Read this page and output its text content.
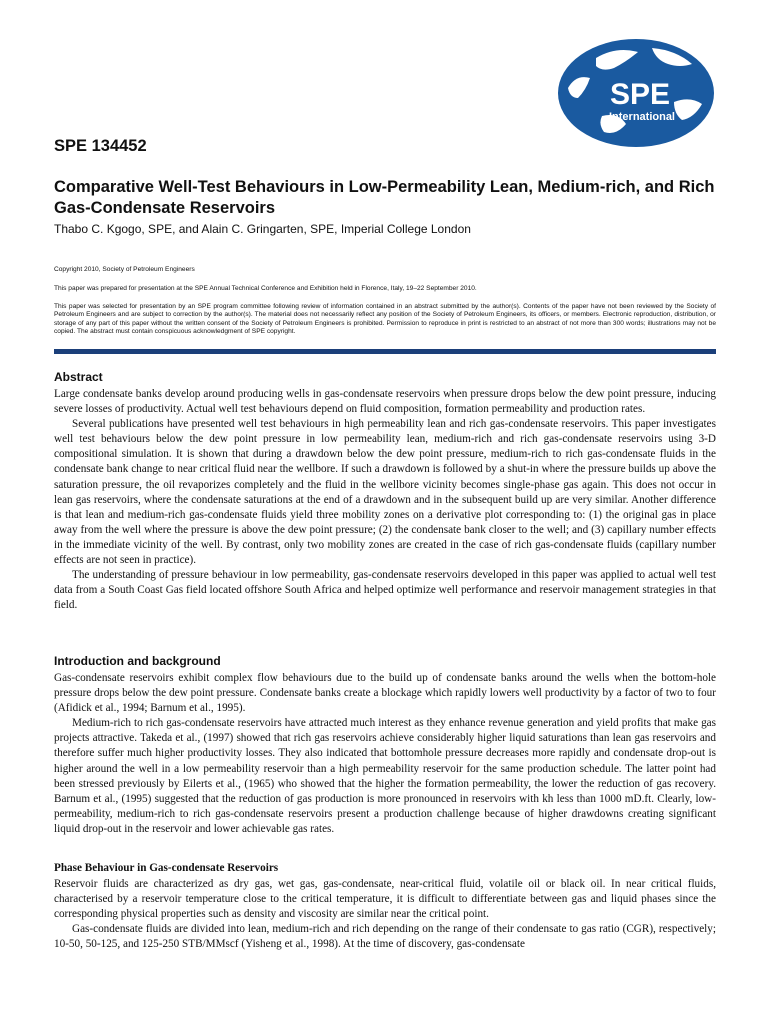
SPE
International
SPE 134452
Comparative Well-Test Behaviours in Low-Permeability Lean, Medium-rich, and Rich Gas-Condensate Reservoirs

Thabo C. Kgogo, SPE, and Alain C. Gringarten, SPE, Imperial College London

Copyright 2010, Society of Petroleum Engineers

This paper was prepared for presentation at the SPE Annual Technical Conference and Exhibition held in Florence, Italy, 19–22 September 2010.

This paper was selected for presentation by an SPE program committee following review of information contained in an abstract submitted by the author(s). Contents of the paper have not been reviewed by the Society of Petroleum Engineers and are subject to correction by the author(s). The material does not necessarily reflect any position of the Society of Petroleum Engineers, its officers, or members. Electronic reproduction, distribution, or storage of any part of this paper without the written consent of the Society of Petroleum Engineers is prohibited. Permission to reproduce in print is restricted to an abstract of not more than 300 words; illustrations may not be copied. The abstract must contain conspicuous acknowledgment of SPE copyright.

Abstract

Large condensate banks develop around producing wells in gas-condensate reservoirs when pressure drops below the dew point pressure, inducing severe losses of productivity. Actual well test behaviours depend on fluid composition, formation permeability and production rates.

Several publications have presented well test behaviours in high permeability lean and rich gas-condensate reservoirs. This paper investigates well test behaviours below the dew point pressure in low permeability lean, medium-rich and rich gas-condensate reservoirs using 3-D compositional simulation. It is shown that during a drawdown below the dew point pressure, medium-rich to rich gas-condensate fluids in the condensate bank change to near critical fluid near the wellbore. If such a drawdown is followed by a shut-in where the pressure builds up above the saturation pressure, the oil revaporizes completely and the fluid in the wellbore vicinity becomes single-phase gas again. This does not occur in lean gas reservoirs, where the condensate saturations at the end of a drawdown and in the subsequent build up are very similar. Another difference is that lean and medium-rich gas-condensate fluids yield three mobility zones on a derivative plot corresponding to: (1) the original gas in place away from the well where the pressure is above the dew point pressure; (2) the condensate bank closer to the well; and (3) capillary number effects in the immediate vicinity of the well. By contrast, only two mobility zones are created in the case of rich gas-condensate fluids (capillary number effects are not seen in practice).

The understanding of pressure behaviour in low permeability, gas-condensate reservoirs developed in this paper was applied to actual well test data from a South Coast Gas field located offshore South Africa and helped optimize well performance and reservoir management strategies in that field.

Introduction and background

Gas-condensate reservoirs exhibit complex flow behaviours due to the build up of condensate banks around the wells when the bottom-hole pressure drops below the dew point pressure. Condensate banks create a blockage which rapidly lowers well productivity by a factor of two to four (Afidick et al., 1994; Barnum et al., 1995).

Medium-rich to rich gas-condensate reservoirs have attracted much interest as they enhance revenue generation and yield profits that make gas projects attractive. Takeda et al., (1997) showed that rich gas reservoirs achieve considerably higher liquid saturations than lean gas reservoirs and therefore suffer much higher productivity losses. They also indicated that bottomhole pressure decreases more rapidly and condensate drop-out is higher around the well in a low permeability reservoir than a high permeability reservoir for the same production schedule. The latter point had been stressed previously by Eilerts et al., (1965) who showed that the higher the formation permeability, the lower the reduction of gas recovery. Barnum et al., (1995) suggested that the reduction of gas production is more pronounced in reservoirs with kh less than 1000 mD.ft. Clearly, low-permeability, medium-rich to rich gas-condensate reservoirs present a production challenge because of higher drawdowns creating significant liquid drop-out in the reservoir and lower achievable gas rates.

Phase Behaviour in Gas-condensate Reservoirs

Reservoir fluids are characterized as dry gas, wet gas, gas-condensate, near-critical fluid, volatile oil or black oil. In near critical fluids, characterised by a reservoir temperature close to the critical temperature, it is difficult to differentiate between gas and liquid phases since the corresponding physical properties such as density and viscosity are similar near the critical point.

Gas-condensate fluids are divided into lean, medium-rich and rich depending on the range of their condensate to gas ratio (CGR), respectively; 10-50, 50-125, and 125-250 STB/MMscf (Yisheng et al., 1998). At the time of discovery, gas-condensate
